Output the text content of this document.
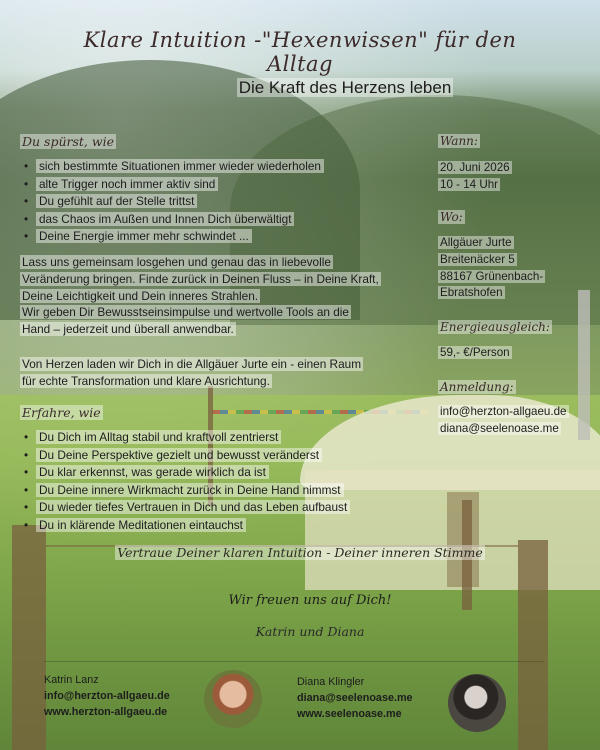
Klare Intuition -"Hexenwissen" für den Alltag
Die Kraft des Herzens leben
Du spürst, wie
• sich bestimmte Situationen immer wieder wiederholen
• alte Trigger noch immer aktiv sind
• Du gefühlt auf der Stelle trittst
• das Chaos im Außen und Innen Dich überwältigt
• Deine Energie immer mehr schwindet ...
Lass uns gemeinsam losgehen und genau das in liebevolle
Veränderung bringen. Finde zurück in Deinen Fluss – in Deine Kraft,
Deine Leichtigkeit und Dein inneres Strahlen.
Wir geben Dir Bewusstseinsimpulse und wertvolle Tools an die
Hand – jederzeit und überall anwendbar.
Von Herzen laden wir Dich in die Allgäuer Jurte ein - einen Raum
für echte Transformation und klare Ausrichtung.
Erfahre, wie
• Du Dich im Alltag stabil und kraftvoll zentrierst
• Du Deine Perspektive gezielt und bewusst veränderst
• Du klar erkennst, was gerade wirklich da ist
• Du Deine innere Wirkmacht zurück in Deine Hand nimmst
• Du wieder tiefes Vertrauen in Dich und das Leben aufbaust
• Du in klärende Meditationen eintauchst
Wann:
20. Juni 2026
10 - 14 Uhr
Wo:
Allgäuer Jurte
Breitenäcker 5
88167 Grünenbach-
Ebratshofen
Energieausgleich:
59,- €/Person
Anmeldung:
info@herzton-allgaeu.de
diana@seelenoase.me
Vertraue Deiner klaren Intuition - Deiner inneren Stimme
Wir freuen uns auf Dich!
Katrin und Diana
Katrin Lanz
info@herzton-allgaeu.de
www.herzton-allgaeu.de
Diana Klingler
diana@seelenoase.me
www.seelenoase.me
